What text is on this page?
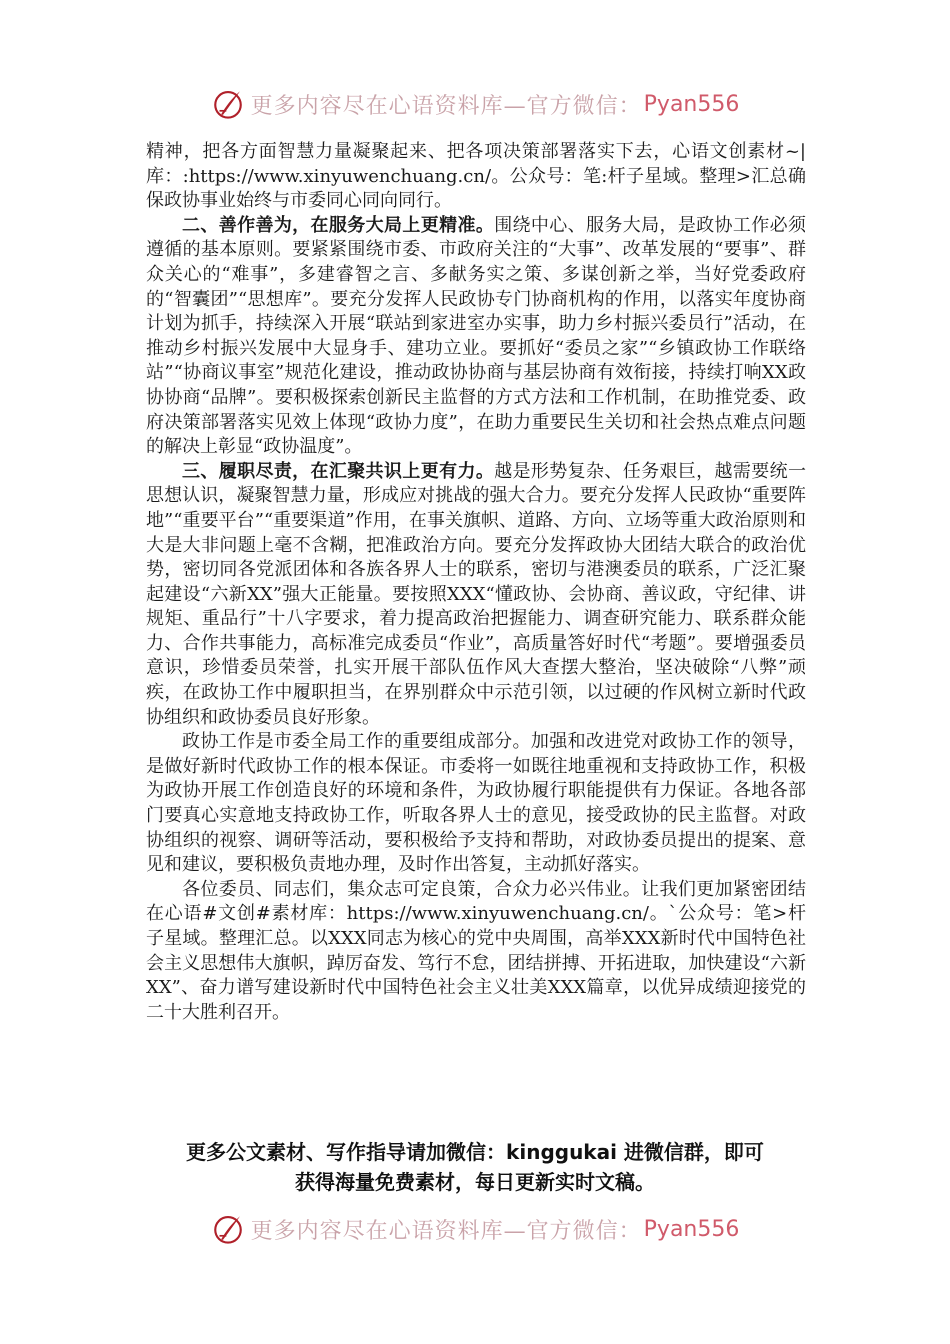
更多内容尽在心语资料库—官方微信： Pyan556

精神，把各方面智慧力量凝聚起来、把各项决策部署落实下去，心语文创素材~|库：:https://www.xinyuwenchuang.cn/。公众号：笔:杆子星域。整理>汇总确保政协事业始终与市委同心同向同行。

二、善作善为，在服务大局上更精准。围绕中心、服务大局，是政协工作必须遵循的基本原则。要紧紧围绕市委、市政府关注的“大事”、改革发展的“要事”、群众关心的“难事”，多建睿智之言、多献务实之策、多谋创新之举，当好党委政府的“智囊团”“思想库”。要充分发挥人民政协专门协商机构的作用，以落实年度协商计划为抓手，持续深入开展“联站到家进室办实事，助力乡村振兴委员行”活动，在推动乡村振兴发展中大显身手、建功立业。要抓好“委员之家”“乡镇政协工作联络站”“协商议事室”规范化建设，推动政协协商与基层协商有效衔接，持续打响XX政协协商“品牌”。要积极探索创新民主监督的方式方法和工作机制，在助推党委、政府决策部署落实见效上体现“政协力度”，在助力重要民生关切和社会热点难点问题的解决上彰显“政协温度”。

三、履职尽责，在汇聚共识上更有力。越是形势复杂、任务艰巨，越需要统一思想认识，凝聚智慧力量，形成应对挑战的强大合力。要充分发挥人民政协“重要阵地”“重要平台”“重要渠道”作用，在事关旗帜、道路、方向、立场等重大政治原则和大是大非问题上毫不含糊，把准政治方向。要充分发挥政协大团结大联合的政治优势，密切同各党派团体和各族各界人士的联系，密切与港澳委员的联系，广泛汇聚起建设“六新XX”强大正能量。要按照XXX“懂政协、会协商、善议政，守纪律、讲规矩、重品行”十八字要求，着力提高政治把握能力、调查研究能力、联系群众能力、合作共事能力，高标准完成委员“作业”，高质量答好时代“考题”。要增强委员意识，珍惜委员荣誉，扎实开展干部队伍作风大查摆大整治，坚决破除“八弊”顽疾，在政协工作中履职担当，在界别群众中示范引领，以过硬的作风树立新时代政协组织和政协委员良好形象。

政协工作是市委全局工作的重要组成部分。加强和改进党对政协工作的领导，是做好新时代政协工作的根本保证。市委将一如既往地重视和支持政协工作，积极为政协开展工作创造良好的环境和条件，为政协履行职能提供有力保证。各地各部门要真心实意地支持政协工作，听取各界人士的意见，接受政协的民主监督。对政协组织的视察、调研等活动，要积极给予支持和帮助，对政协委员提出的提案、意见和建议，要积极负责地办理，及时作出答复，主动抓好落实。

各位委员、同志们，集众志可定良策，合众力必兴伟业。让我们更加紧密团结在心语#文创#素材库：https://www.xinyuwenchuang.cn/。`公众号：笔>杆子星域。整理汇总。以XXX同志为核心的党中央周围，高举XXX新时代中国特色社会主义思想伟大旗帜，踔厉奋发、笃行不怠，团结拼搏、开拓进取，加快建设“六新XX”、奋力谱写建设新时代中国特色社会主义壮美XXX篇章，以优异成绩迎接党的二十大胜利召开。

更多公文素材、写作指导请加微信：kinggukai 进微信群，即可
获得海量免费素材，每日更新实时文稿。
更多内容尽在心语资料库—官方微信： Pyan556
